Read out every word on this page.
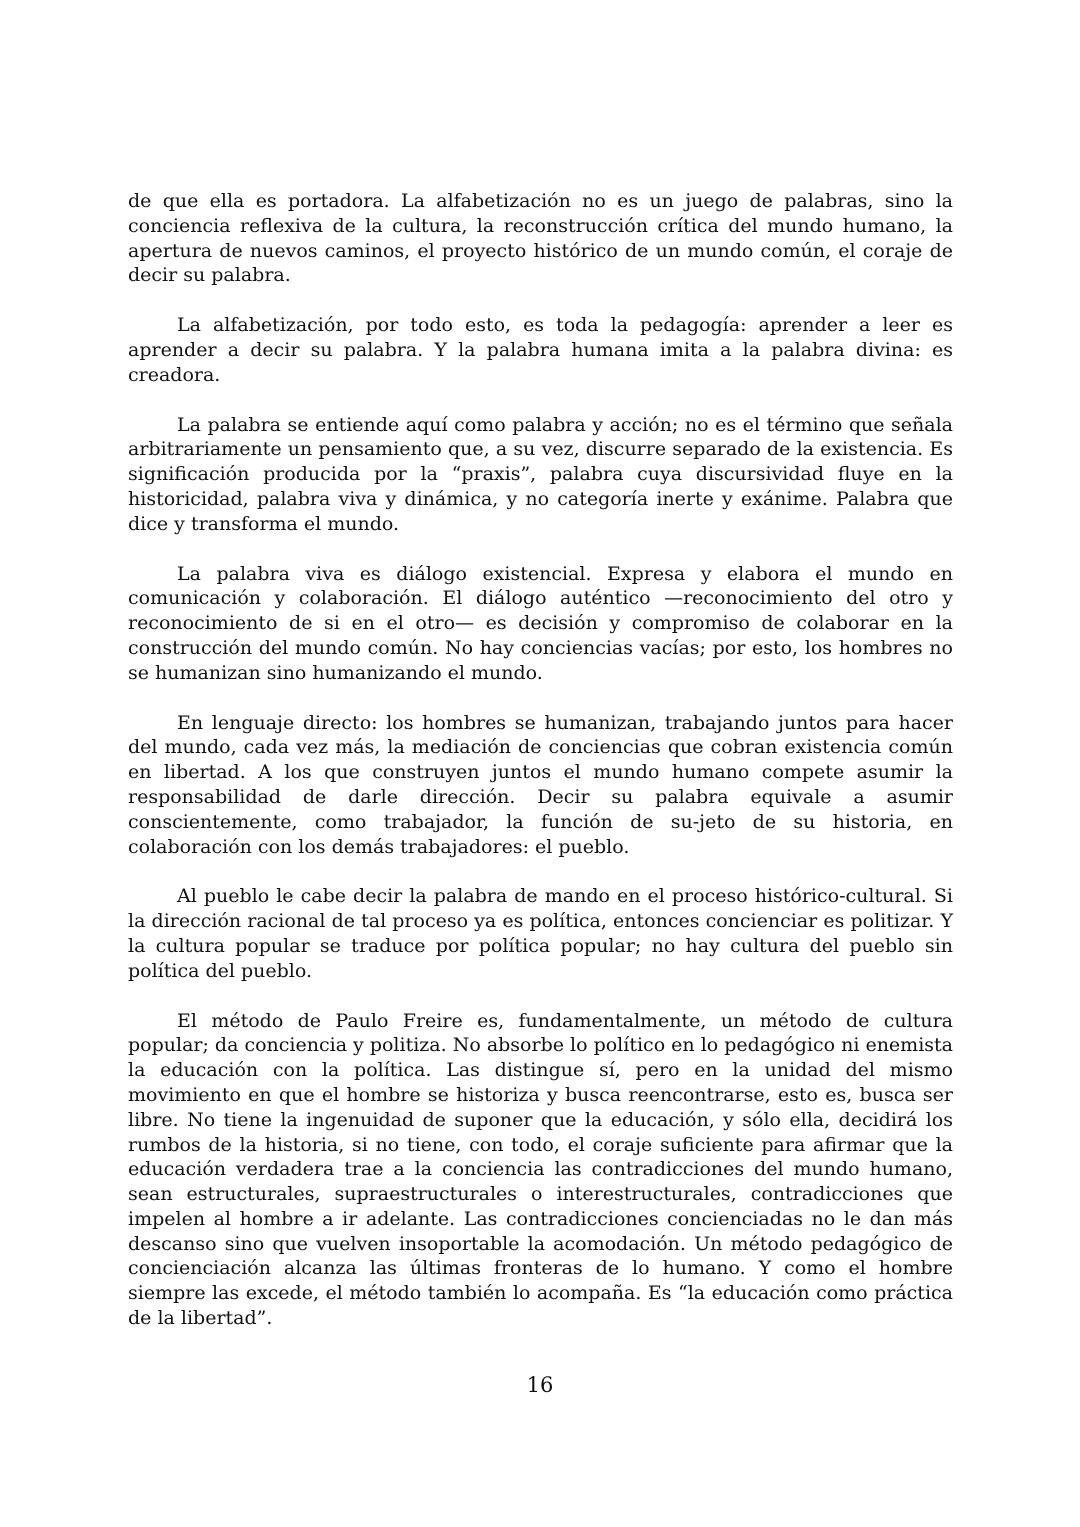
de que ella es portadora. La alfabetización no es un juego de palabras, sino la conciencia reflexiva de la cultura, la reconstrucción crítica del mundo humano, la apertura de nuevos caminos, el proyecto histórico de un mundo común, el coraje de decir su palabra.

La alfabetización, por todo esto, es toda la pedagogía: aprender a leer es aprender a decir su palabra. Y la palabra humana imita a la palabra divina: es creadora.

La palabra se entiende aquí como palabra y acción; no es el término que señala arbitrariamente un pensamiento que, a su vez, discurre separado de la existencia. Es significación producida por la “praxis”, palabra cuya discursividad fluye en la historicidad, palabra viva y dinámica, y no categoría inerte y exánime. Palabra que dice y transforma el mundo.

La palabra viva es diálogo existencial. Expresa y elabora el mundo en comunicación y colaboración. El diálogo auténtico —reconocimiento del otro y reconocimiento de si en el otro— es decisión y compromiso de colaborar en la construcción del mundo común. No hay conciencias vacías; por esto, los hombres no se humanizan sino humanizando el mundo.

En lenguaje directo: los hombres se humanizan, trabajando juntos para hacer del mundo, cada vez más, la mediación de conciencias que cobran existencia común en libertad. A los que construyen juntos el mundo humano compete asumir la responsabilidad de darle dirección. Decir su palabra equivale a asumir conscientemente, como trabajador, la función de su-jeto de su historia, en colaboración con los demás trabajadores: el pueblo.

Al pueblo le cabe decir la palabra de mando en el proceso histórico-cultural. Si la dirección racional de tal proceso ya es política, entonces concienciar es politizar. Y la cultura popular se traduce por política popular; no hay cultura del pueblo sin política del pueblo.

El método de Paulo Freire es, fundamentalmente, un método de cultura popular; da conciencia y politiza. No absorbe lo político en lo pedagógico ni enemista la educación con la política. Las distingue sí, pero en la unidad del mismo movimiento en que el hombre se historiza y busca reencontrarse, esto es, busca ser libre. No tiene la ingenuidad de suponer que la educación, y sólo ella, decidirá los rumbos de la historia, si no tiene, con todo, el coraje suficiente para afirmar que la educación verdadera trae a la conciencia las contradicciones del mundo humano, sean estructurales, supraestructurales o interestructurales, contradicciones que impelen al hombre a ir adelante. Las contradicciones concienciadas no le dan más descanso sino que vuelven insoportable la acomodación. Un método pedagógico de concienciación alcanza las últimas fronteras de lo humano. Y como el hombre siempre las excede, el método también lo acompaña. Es “la educación como práctica de la libertad”.

16
